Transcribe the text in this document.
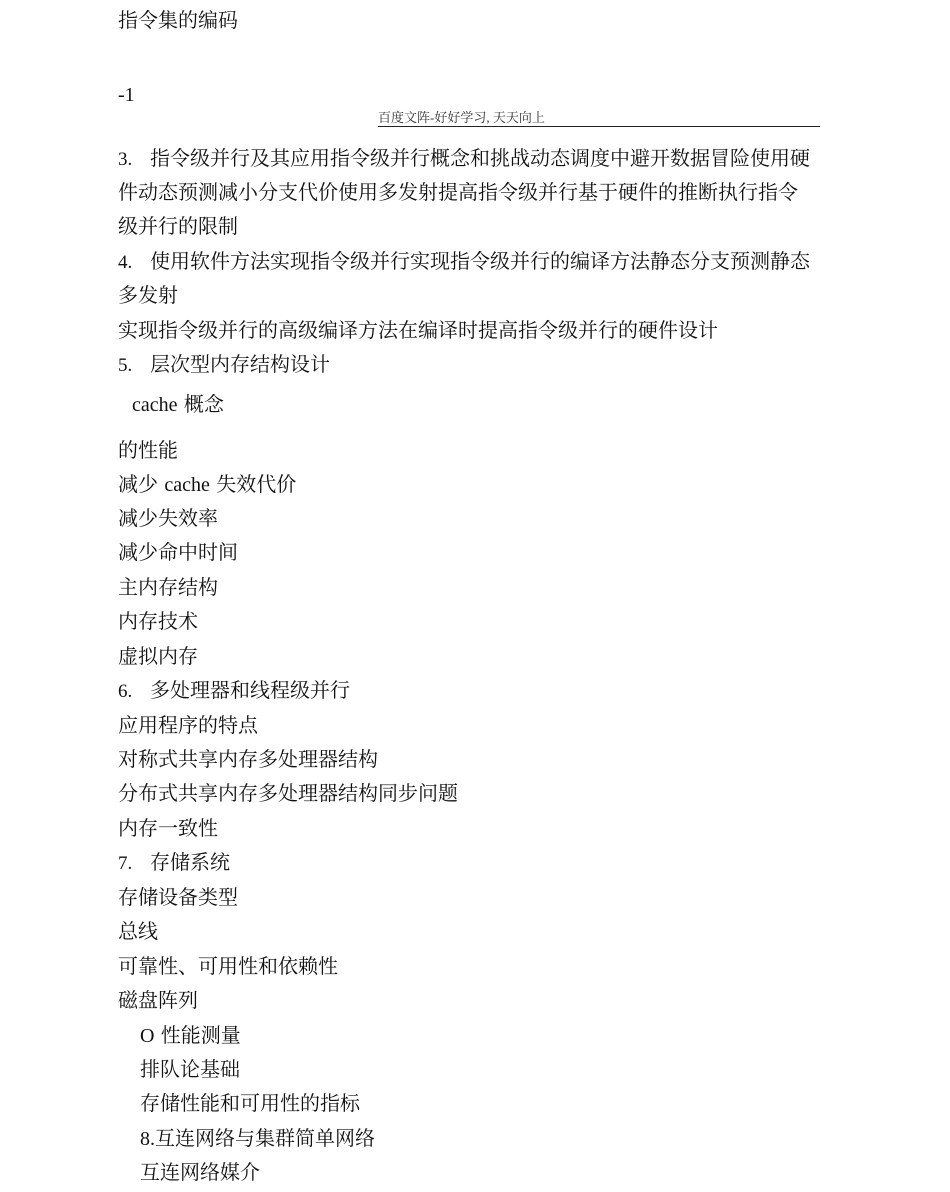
指令集的编码
-1
百度文阵-好好学习, 天天向上
3. 指令级并行及其应用指令级并行概念和挑战动态调度中避开数据冒险使用硬
件动态预测减小分支代价使用多发射提高指令级并行基于硬件的推断执行指令
级并行的限制
4. 使用软件方法实现指令级并行实现指令级并行的编译方法静态分支预测静态
多发射
实现指令级并行的高级编译方法在编译时提高指令级并行的硬件设计
5. 层次型内存结构设计
cache 概念
的性能
减少 cache 失效代价
减少失效率
减少命中时间
主内存结构
内存技术
虚拟内存
6. 多处理器和线程级并行
应用程序的特点
对称式共享内存多处理器结构
分布式共享内存多处理器结构同步问题
内存一致性
7. 存储系统
存储设备类型
总线
可靠性、可用性和依赖性
磁盘阵列
O 性能测量
排队论基础
存储性能和可用性的指标
8.互连网络与集群简单网络
互连网络媒介
